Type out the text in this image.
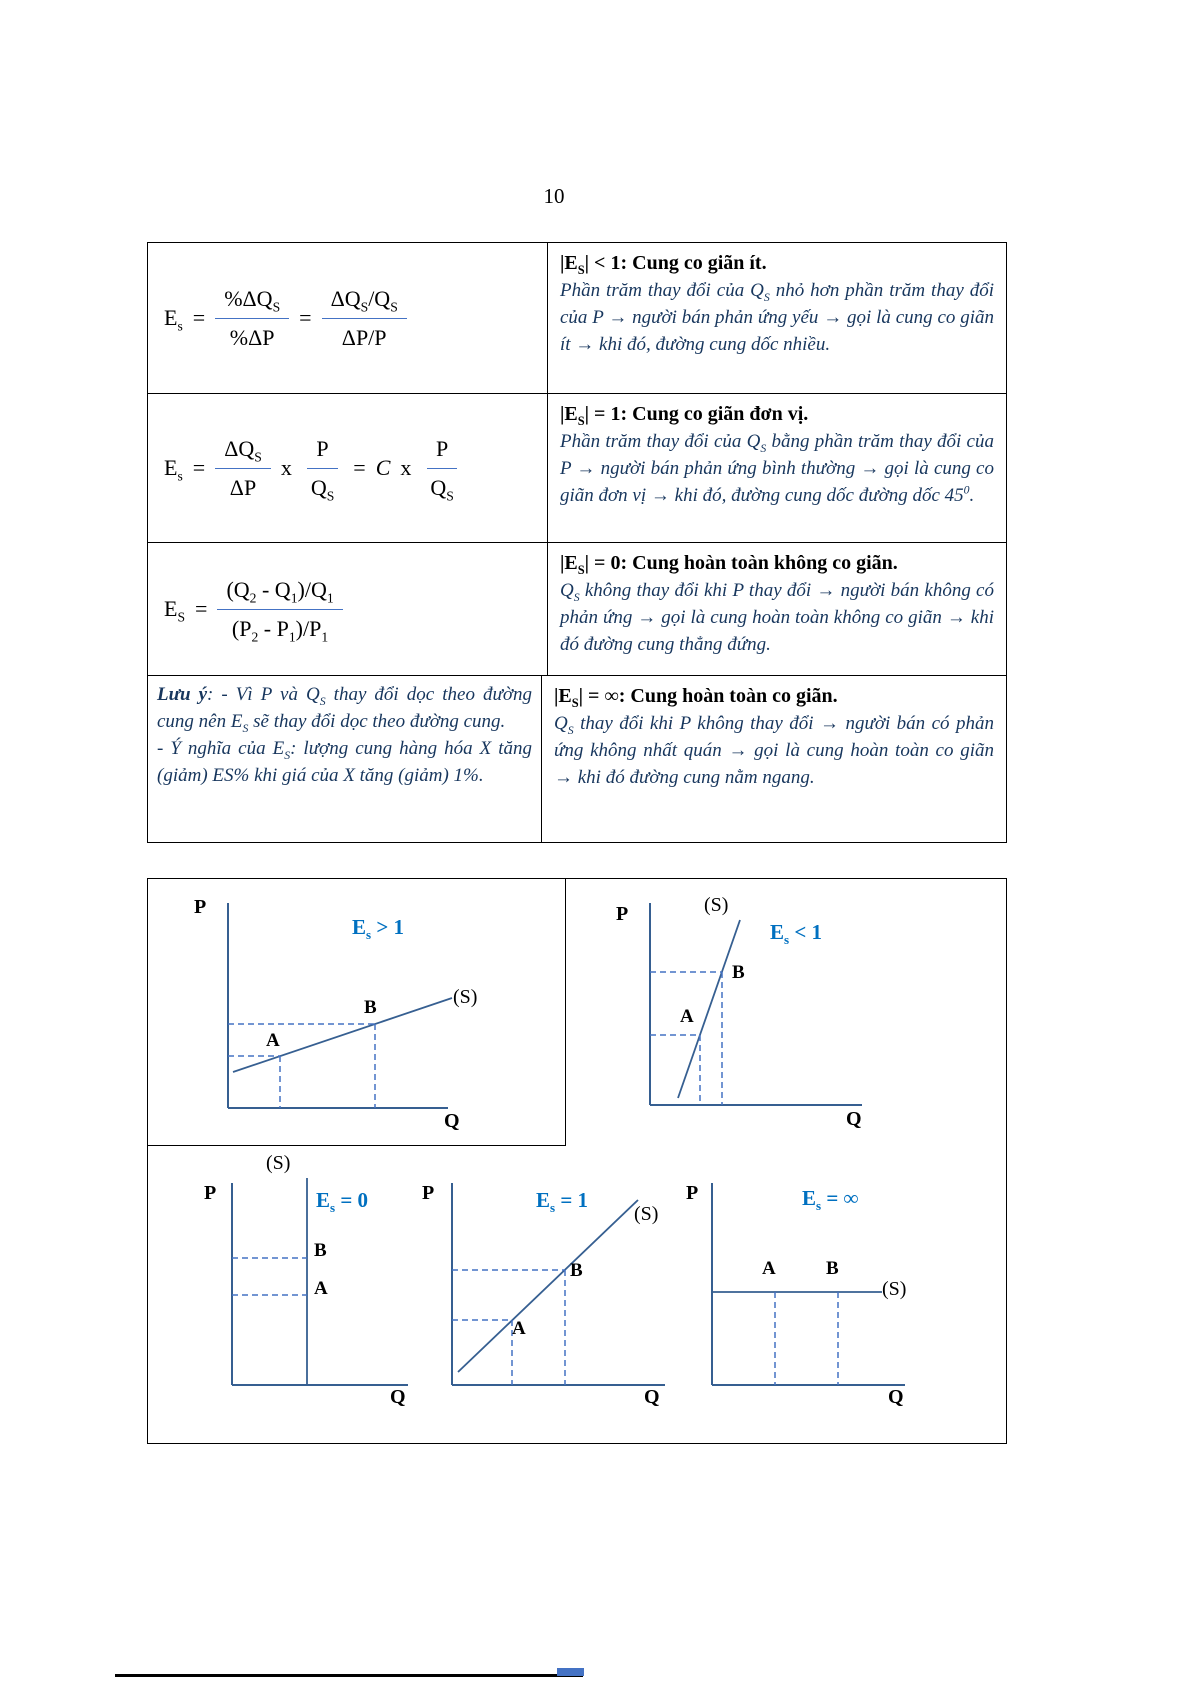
10
$E_s = \frac{\%\Delta Q_S}{\%\Delta P} = \frac{\Delta Q_S/Q_S}{\Delta P/P}$
$|E_S| < 1$: Cung co giãn ít.
Phần trăm thay đổi của $Q_S$ nhỏ hơn phần trăm thay đổi của P → người bán phản ứng yếu → gọi là cung co giãn ít → khi đó, đường cung dốc nhiều.
$E_s = \frac{\Delta Q_S}{\Delta P}$ x $\frac{P}{Q_S} = C$ x $\frac{P}{Q_S}$
$|E_S| = 1$: Cung co giãn đơn vị.
Phần trăm thay đổi của $Q_S$ bằng phần trăm thay đổi của P → người bán phản ứng bình thường → gọi là cung co giãn đơn vị → khi đó, đường cung dốc đường dốc $45^0$.
$E_S = \frac{(Q_2 - Q_1)/Q_1}{(P_2 - P_1)/P_1}$
$|E_S| = 0$: Cung hoàn toàn không co giãn.
$Q_S$ không thay đổi khi P thay đổi → người bán không có phản ứng → gọi là cung hoàn toàn không co giãn → khi đó đường cung thẳng đứng.
Lưu ý: - Vì P và $Q_S$ thay đổi dọc theo đường cung nên $E_S$ sẽ thay đổi dọc theo đường cung.
- Ý nghĩa của $E_S$: lượng cung hàng hóa X tăng (giảm) ES% khi giá của X tăng (giảm) 1%.
$|E_S|$ = ∞: Cung hoàn toàn co giãn.
$Q_S$ thay đổi khi P không thay đổi → người bán có phản ứng không nhất quán → gọi là cung hoàn toàn co giãn → khi đó đường cung nằm ngang.
P
Q
(S)
A
B
$E_s > 1$
P
Q
(S)
A
B
$E_s < 1$
(S)
P
Q
B
A
$E_s = 0$	P
Q
(S)
B
A
$E_s = 1$	P
Q
(S)
A	B
$E_s$ = ∞
